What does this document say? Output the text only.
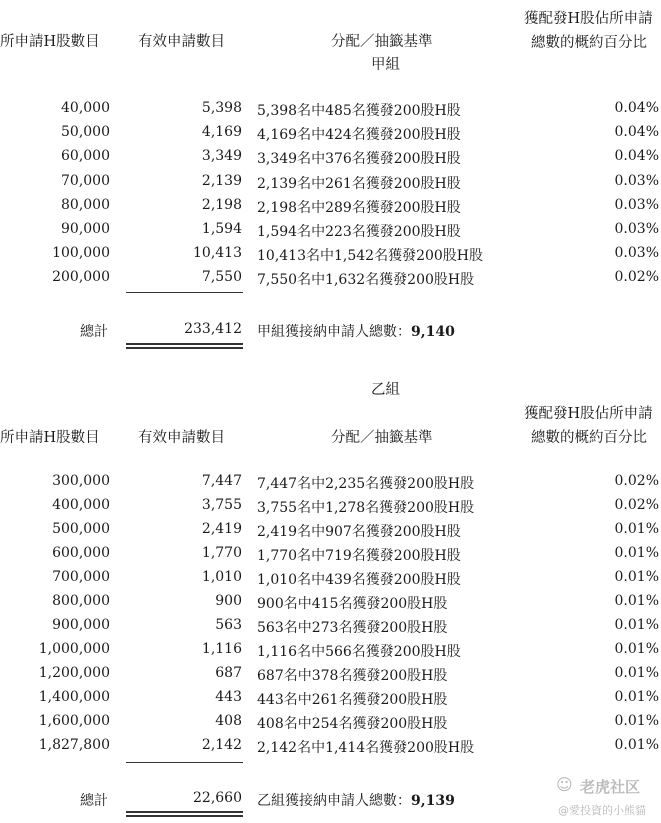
所申請H股數目	有效申請數目	分配／抽籤基準
獲配發H股佔所申請
總數的概約百分比
甲組
40,000	5,398 5,398名中485名獲發200股H股	0.04%
50,000	4,169 4,169名中424名獲發200股H股	0.04%
60,000	3,349 3,349名中376名獲發200股H股	0.04%
70,000	2,139 2,139名中261名獲發200股H股	0.03%
80,000	2,198 2,198名中289名獲發200股H股	0.03%
90,000	1,594 1,594名中223名獲發200股H股	0.03%
100,000	10,413 10,413名中1,542名獲發200股H股	0.03%
200,000	7,550 7,550名中1,632名獲發200股H股	0.02%
總計	233,412 甲組獲接納申請人總數：9,140
乙組
獲配發H股佔所申請
總數的概約百分比
所申請H股數目	有效申請數目	分配／抽籤基準
300,000	7,447 7,447名中2,235名獲發200股H股	0.02%
400,000	3,755 3,755名中1,278名獲發200股H股	0.02%
500,000	2,419 2,419名中907名獲發200股H股	0.01%
600,000	1,770 1,770名中719名獲發200股H股	0.01%
700,000	1,010 1,010名中439名獲發200股H股	0.01%
800,000	900 900名中415名獲發200股H股	0.01%
900,000	563 563名中273名獲發200股H股	0.01%
1,000,000	1,116 1,116名中566名獲發200股H股	0.01%
1,200,000	687 687名中378名獲發200股H股	0.01%
1,400,000	443 443名中261名獲發200股H股	0.01%
1,600,000	408 408名中254名獲發200股H股	0.01%
1,827,800	2,142 2,142名中1,414名獲發200股H股	0.01%
總計	22,660 乙組獲接納申請人總數：9,139
☺ 老虎社区
@愛投資的小熊貓
